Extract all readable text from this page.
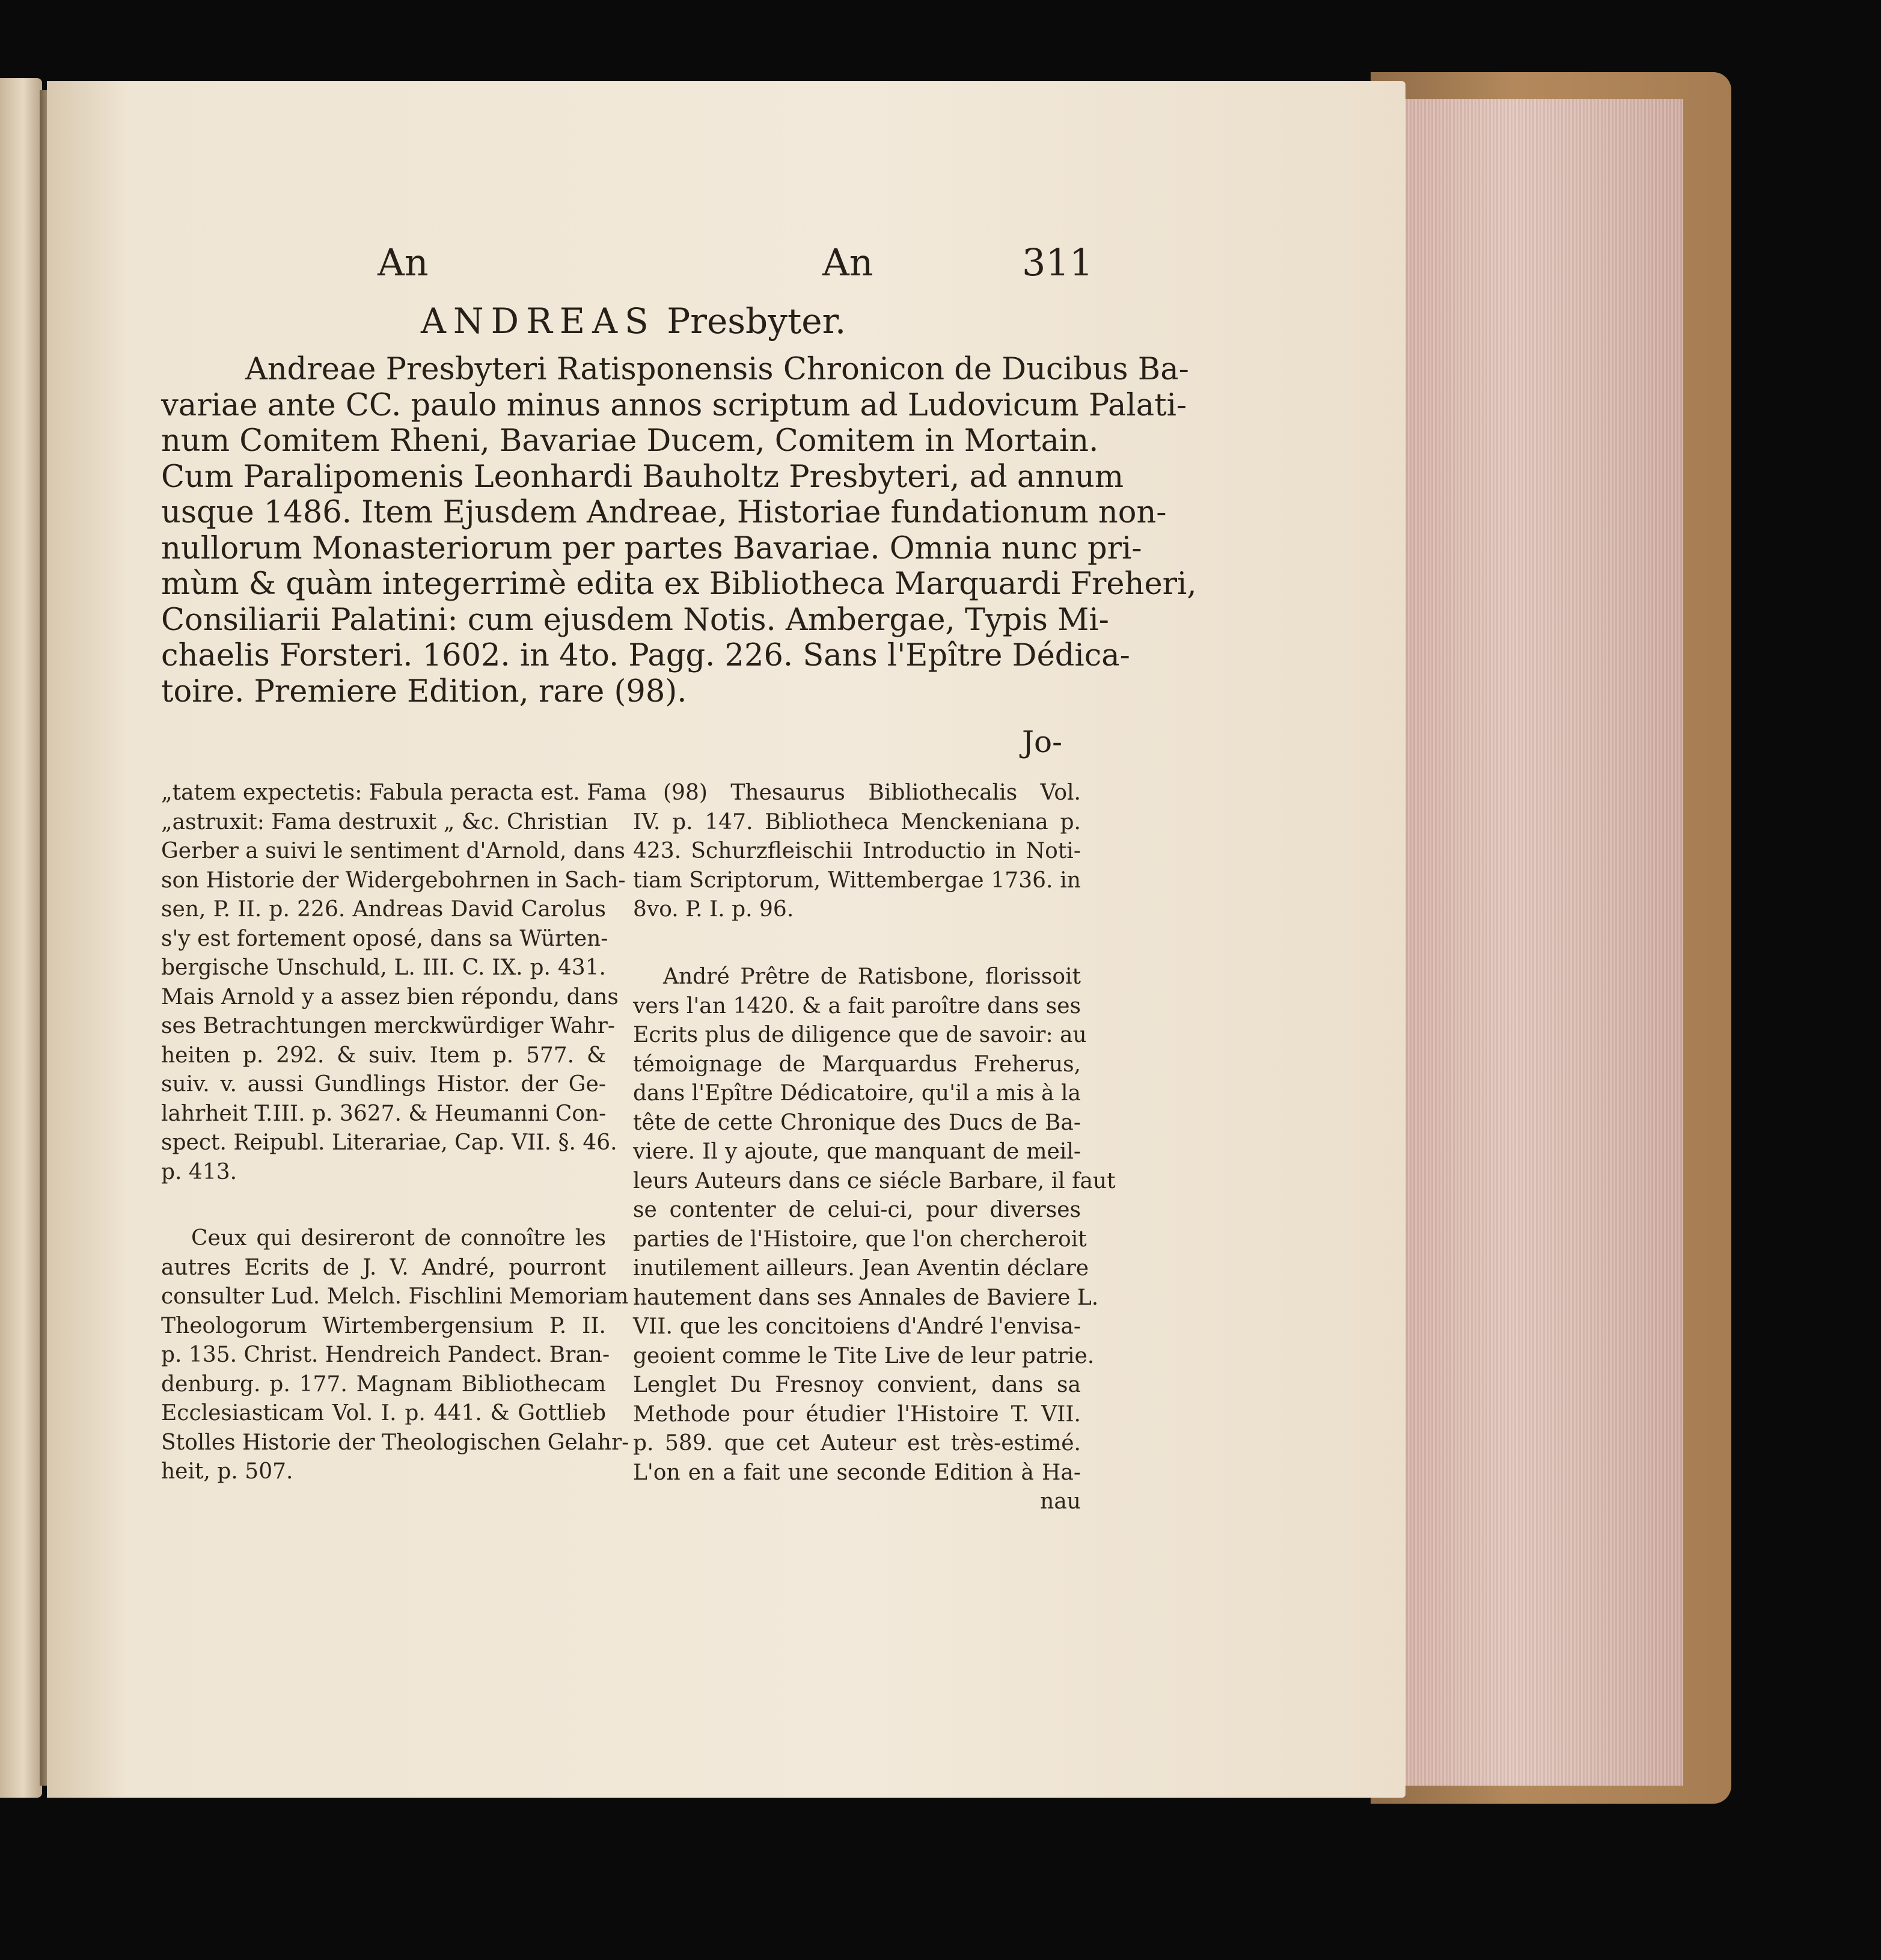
An	An	311
ANDREAS Presbyter.
Andreae Presbyteri Ratisponensis Chronicon de Ducibus Ba-
variae ante CC. paulo minus annos scriptum ad Ludovicum Palati-
num Comitem Rheni, Bavariae Ducem, Comitem in Mortain.
Cum Paralipomenis Leonhardi Bauholtz Presbyteri, ad annum
usque 1486. Item Ejusdem Andreae, Historiae fundationum non-
nullorum Monasteriorum per partes Bavariae. Omnia nunc pri-
mùm & quàm integerrimè edita ex Bibliotheca Marquardi Freheri,
Consiliarii Palatini: cum ejusdem Notis. Ambergae, Typis Mi-
chaelis Forsteri. 1602. in 4to. Pagg. 226. Sans l'Epître Dédica-
toire. Premiere Edition, rare (98).
Jo-
„tatem expectetis: Fabula peracta est. Fama
„astruxit: Fama destruxit „ &c. Christian
Gerber a suivi le sentiment d'Arnold, dans
son Historie der Widergebohrnen in Sach-
sen, P. II. p. 226. Andreas David Carolus
s'y est fortement oposé, dans sa Würten-
bergische Unschuld, L. III. C. IX. p. 431.
Mais Arnold y a assez bien répondu, dans
ses Betrachtungen merckwürdiger Wahr-
heiten p. 292. & suiv. Item p. 577. &
suiv. v. aussi Gundlings Histor. der Ge-
lahrheit T.III. p. 3627. & Heumanni Con-
spect. Reipubl. Literariae, Cap. VII. §. 46.
p. 413.
Ceux qui desireront de connoître les
autres Ecrits de J. V. André, pourront
consulter Lud. Melch. Fischlini Memoriam
Theologorum Wirtembergensium P. II.
p. 135. Christ. Hendreich Pandect. Bran-
denburg. p. 177. Magnam Bibliothecam
Ecclesiasticam Vol. I. p. 441. & Gottlieb
Stolles Historie der Theologischen Gelahr-
heit, p. 507.
(98) Thesaurus Bibliothecalis Vol.
IV. p. 147. Bibliotheca Menckeniana p.
423. Schurzfleischii Introductio in Noti-
tiam Scriptorum, Wittembergae 1736. in
8vo. P. I. p. 96.
André Prêtre de Ratisbone, florissoit
vers l'an 1420. & a fait paroître dans ses
Ecrits plus de diligence que de savoir: au
témoignage de Marquardus Freherus,
dans l'Epître Dédicatoire, qu'il a mis à la
tête de cette Chronique des Ducs de Ba-
viere. Il y ajoute, que manquant de meil-
leurs Auteurs dans ce siécle Barbare, il faut
se contenter de celui-ci, pour diverses
parties de l'Histoire, que l'on chercheroit
inutilement ailleurs. Jean Aventin déclare
hautement dans ses Annales de Baviere L.
VII. que les concitoiens d'André l'envisa-
geoient comme le Tite Live de leur patrie.
Lenglet Du Fresnoy convient, dans sa
Methode pour étudier l'Histoire T. VII.
p. 589. que cet Auteur est très-estimé.
L'on en a fait une seconde Edition à Ha-
nau
